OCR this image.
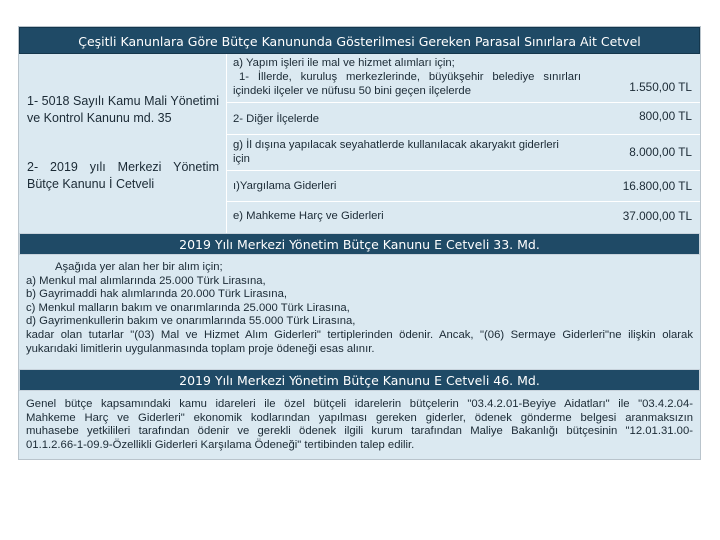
Çeşitli Kanunlara Göre Bütçe Kanununda Gösterilmesi Gereken Parasal Sınırlara Ait Cetvel
1- 5018 Sayılı Kamu Mali Yönetimi ve Kontrol Kanunu md. 35
2- 2019 yılı Merkezi Yönetim Bütçe Kanunu İ Cetveli
a) Yapım işleri ile mal ve hizmet alımları için;
1- İllerde, kuruluş merkezlerinde, büyükşehir belediye sınırları
içindeki ilçeler ve nüfusu 50 bini geçen ilçelerde	1.550,00 TL
2- Diğer İlçelerde	800,00 TL
g) İl dışına yapılacak seyahatlerde kullanılacak akaryakıt giderleri
için	8.000,00 TL
ı)Yargılama Giderleri	16.800,00 TL
e) Mahkeme Harç ve Giderleri	37.000,00 TL
2019 Yılı Merkezi Yönetim Bütçe Kanunu E Cetveli 33. Md.
Aşağıda yer alan her bir alım için;
a) Menkul mal alımlarında 25.000 Türk Lirasına,
b) Gayrimaddi hak alımlarında 20.000 Türk Lirasına,
c) Menkul malların bakım ve onarımlarında 25.000 Türk Lirasına,
d) Gayrimenkullerin bakım ve onarımlarında 55.000 Türk Lirasına,
kadar olan tutarlar "(03) Mal ve Hizmet Alım Giderleri" tertiplerinden ödenir. Ancak, "(06) Sermaye Giderleri"ne ilişkin olarak
yukarıdaki limitlerin uygulanmasında toplam proje ödeneği esas alınır.
2019 Yılı Merkezi Yönetim Bütçe Kanunu E Cetveli 46. Md.
Genel bütçe kapsamındaki kamu idareleri ile özel bütçeli idarelerin bütçelerin "03.4.2.01-Beyiye Aidatları" ile "03.4.2.04-
Mahkeme Harç ve Giderleri" ekonomik kodlarından yapılması gereken giderler, ödenek gönderme belgesi aranmaksızın
muhasebe yetkilileri tarafından ödenir ve gerekli ödenek ilgili kurum tarafından Maliye Bakanlığı bütçesinin "12.01.31.00-
01.1.2.66-1-09.9-Özellikli Giderleri Karşılama Ödeneği" tertibinden talep edilir.
